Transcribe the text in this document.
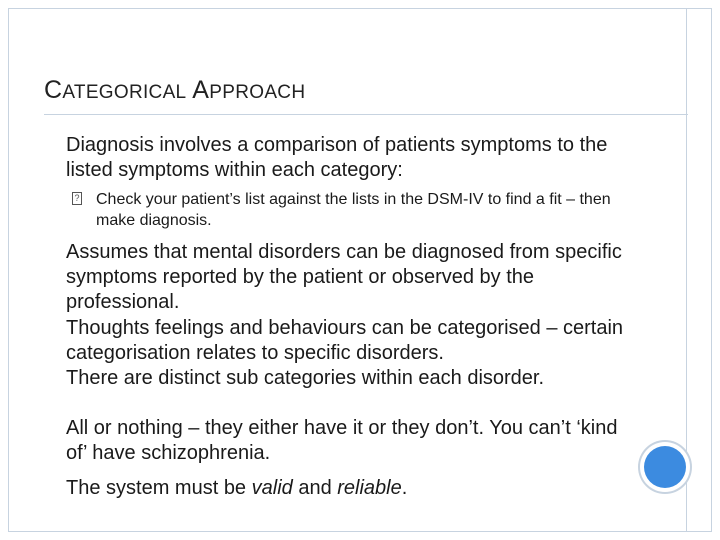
CATEGORICAL APPROACH
Diagnosis involves a comparison of patients symptoms to the listed symptoms within each category:
? Check your patient’s list against the lists in the DSM-IV to find a fit – then make diagnosis.
Assumes that mental disorders can be diagnosed from specific symptoms reported by the patient or observed by the professional.
Thoughts feelings and behaviours can be categorised – certain categorisation relates to specific disorders.
There are distinct sub categories within each disorder.
All or nothing – they either have it or they don’t. You can’t ‘kind of’ have schizophrenia.
The system must be valid and reliable.
